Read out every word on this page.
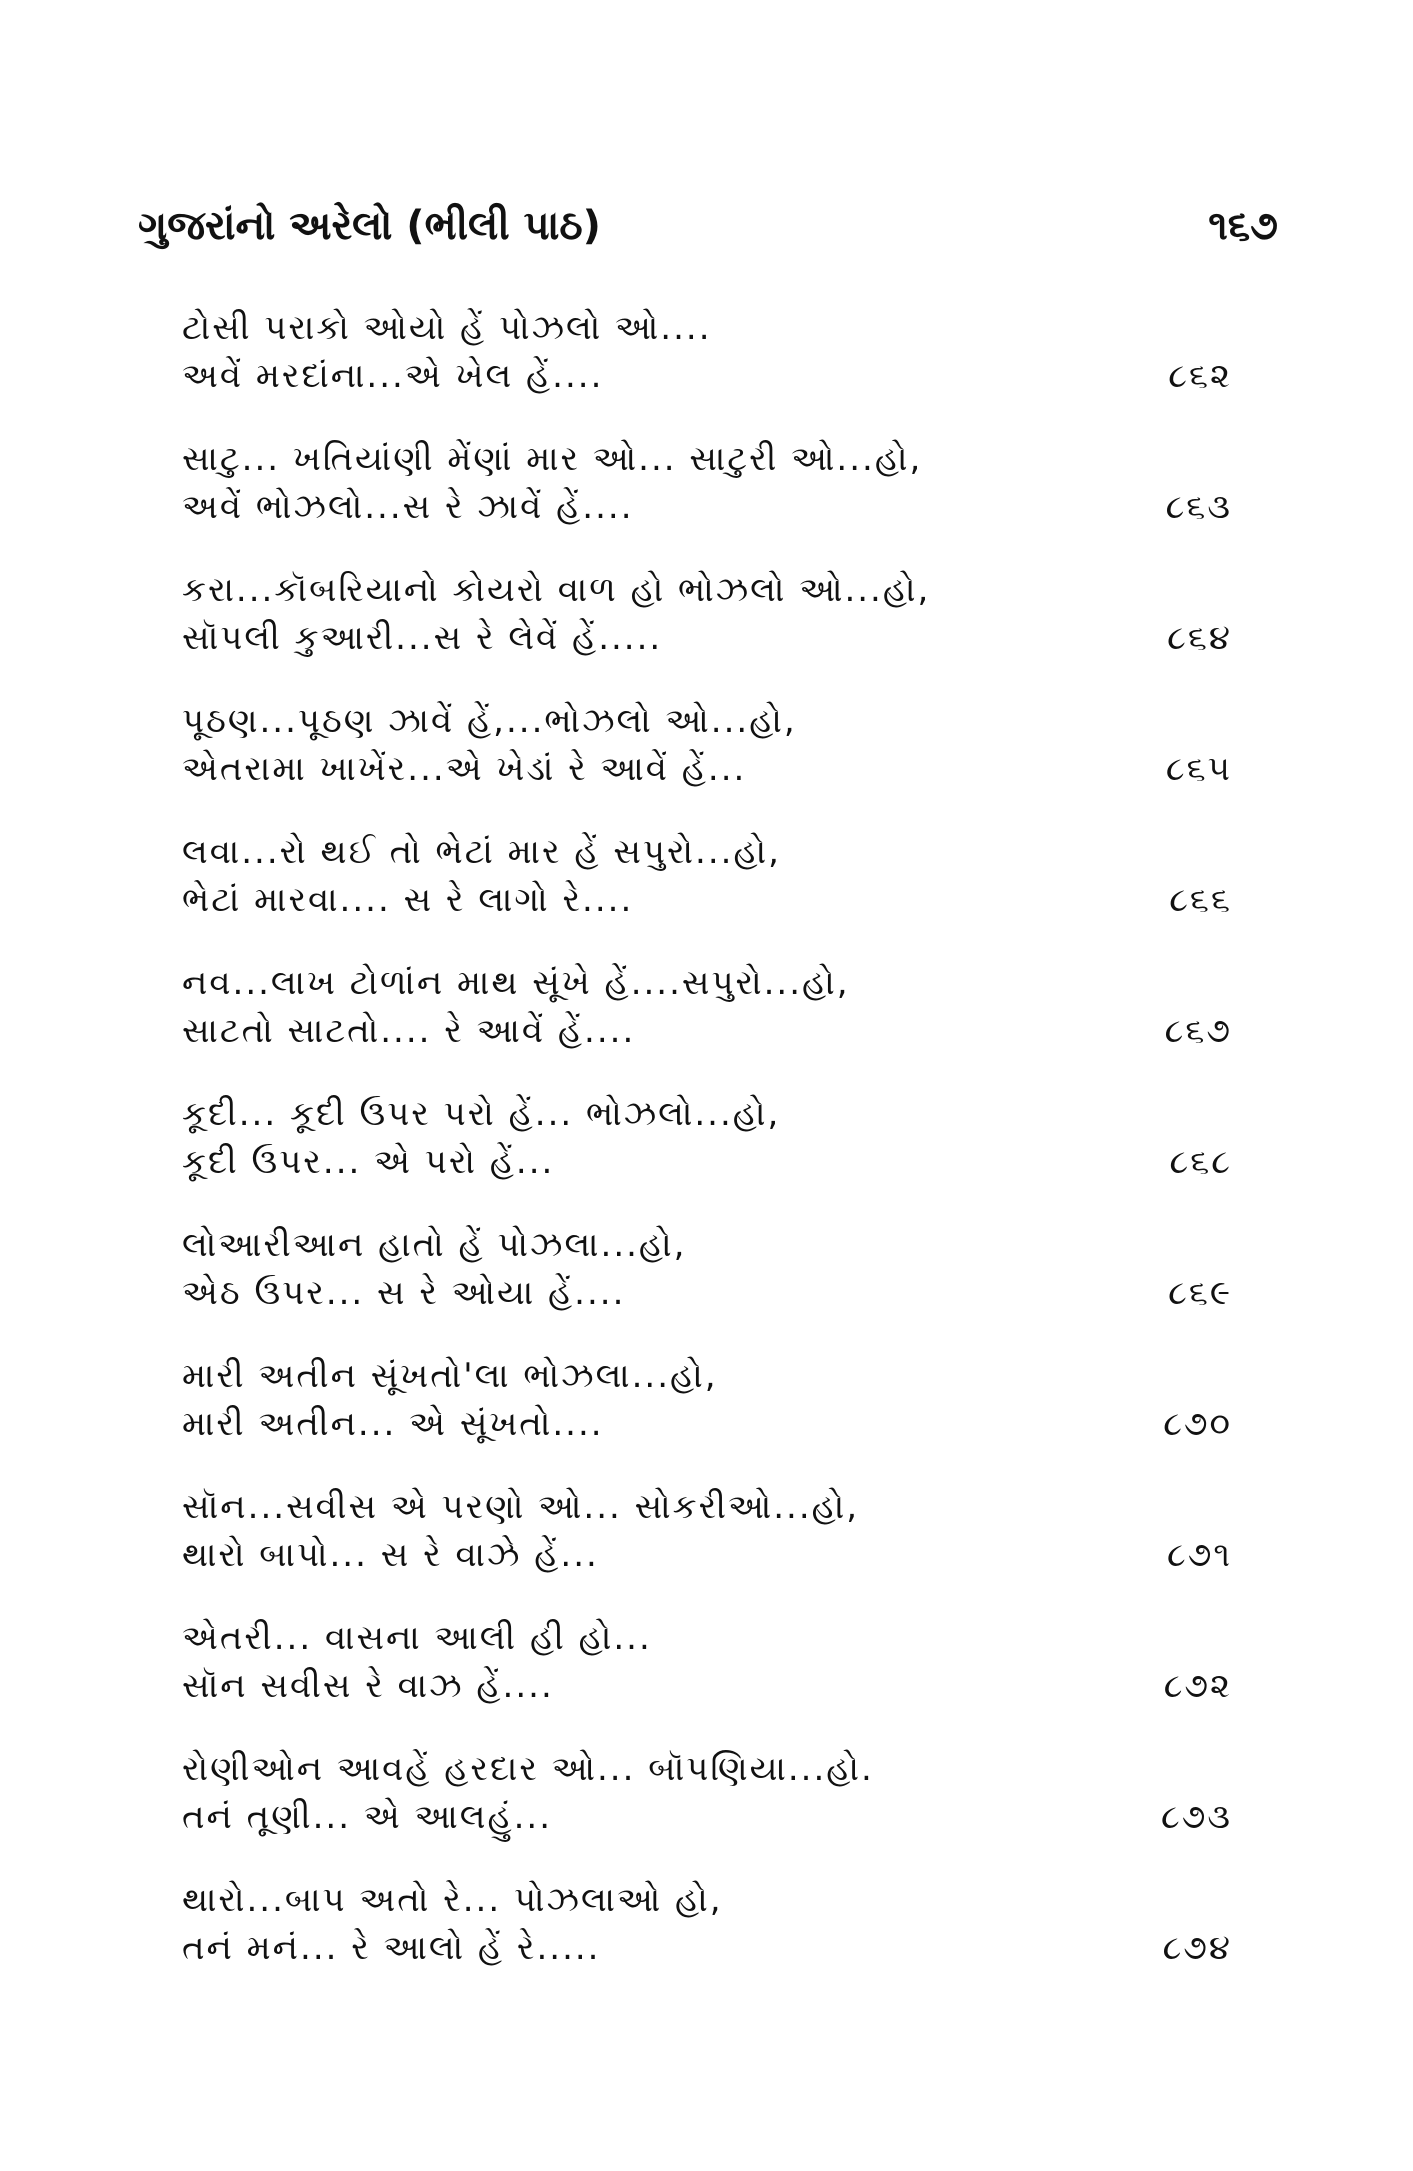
ગુજરાંનો અરેલો (ભીલી પાઠ)	૧૬૭
ટોસી પરાકો ઓયો હેં પોઝલો ઓ....
અવેં મરદાંના...એ ખેલ હેં....	૮૬૨
સાટુ... ખતિયાંણી મેંણાં માર ઓ... સાટુરી ઓ...હો,
અવેં ભોઝલો...સ રે ઝાવેં હેં....	૮૬૩
કરા...કૉબરિયાનો કોયરો વાળ હો ભોઝલો ઓ...હો,
સૉપલી કુઆરી...સ રે લેવેં હેં.....	૮૬૪
પૂઠણ...પૂઠણ ઝાવેં હેં,...ભોઝલો ઓ...હો,
એતરામા ખાખેંર...એ ખેડાં રે આવેં હેં...	૮૬૫
લવા...રો થઈ તો ભેટાં માર હેં સપુરો...હો,
ભેટાં મારવા.... સ રે લાગો રે....	૮૬૬
નવ...લાખ ટોળાંન માથ સૂંખે હેં....સપુરો...હો,
સાટતો સાટતો.... રે આવેં હેં....	૮૬૭
કૂદી... કૂદી ઉપર પરો હેં... ભોઝલો...હો,
કૂદી ઉપર... એ પરો હેં...	૮૬૮
લોઆરીઆન હાતો હેં પોઝલા...હો,
એઠ ઉપર... સ રે ઓયા હેં....	૮૬૯
મારી અતીન સૂંખતો'લા ભોઝલા...હો,
મારી અતીન... એ સૂંખતો....	૮૭૦
સૉન...સવીસ એ પરણો ઓ... સોકરીઓ...હો,
થારો બાપો... સ રે વાઝે હેં...	૮૭૧
એતરી... વાસના આલી હી હો...
સૉન સવીસ રે વાઝ હેં....	૮૭૨
રોણીઓન આવહેં હરદાર ઓ... બૉપણિયા...હો.
તનં તૂણી... એ આલહું...	૮૭૩
થારો...બાપ અતો રે... પોઝલાઓ હો,
તનં મનં... રે આલો હેં રે.....	૮૭૪
